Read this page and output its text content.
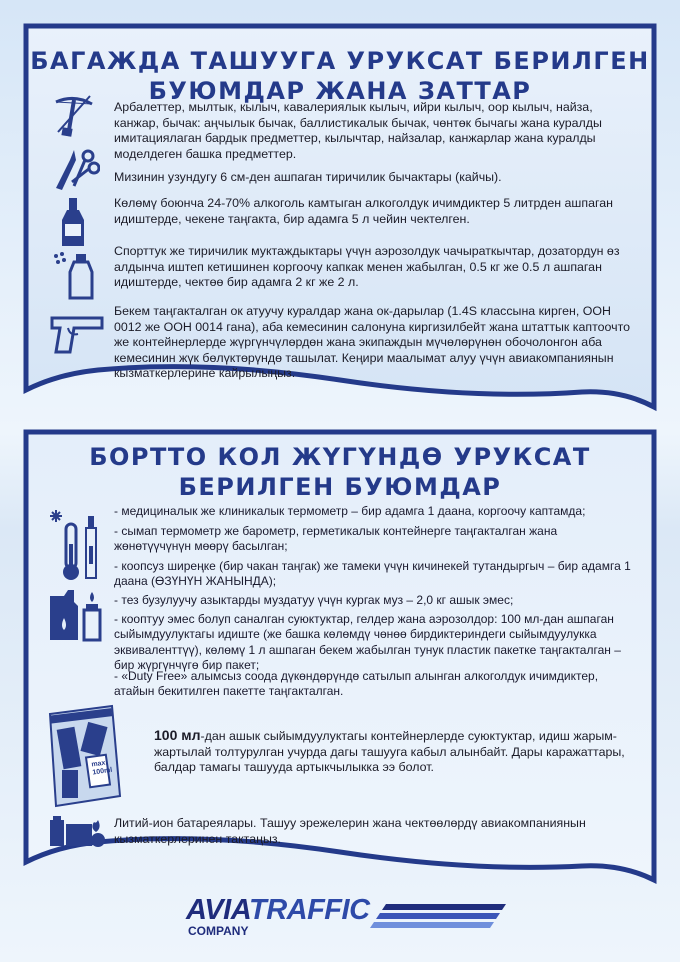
БАГАЖДА ТАШУУГА УРУКСАТ БЕРИЛГЕН
БУЮМДАР ЖАНА ЗАТТАР
Арбалеттер, мылтык, кылыч, кавалериялык кылыч, ийри кылыч, оор кылыч, найза, канжар, бычак: аңчылык бычак, баллистикалык бычак, чөнтөк бычагы жана куралды имитациялаган бардык предметтер, кылычтар, найзалар, канжарлар жана куралды моделдеген башка предметтер.
Мизинин узундугу 6 см-ден ашпаган тиричилик бычактары (кайчы).
Көлөмү боюнча 24-70% алкоголь камтыган алкоголдук ичимдиктер 5 литрден ашпаган идиштерде, чекене таңгакта, бир адамга 5 л чейин чектелген.
Спорттук же тиричилик муктаждыктары үчүн аэрозолдук чачыраткычтар, дозатордун өз алдынча иштеп кетишинен коргоочу капкак менен жабылган, 0.5 кг же 0.5 л ашпаган идиштерде, чектөө бир адамга 2 кг же 2 л.
Бекем таңгакталган ок атуучу куралдар жана ок-дарылар (1.4S классына кирген, ООН 0012 же ООН 0014 гана), аба кемесинин салонуна киргизилбейт жана штаттык каптоочто же контейнерлерде жүргүнчүлөрдөн жана экипаждын мүчөлөрүнөн обочолонгон аба кемесинин жүк бөлүктөрүндө ташылат. Кеңири маалымат алуу үчүн авиакомпаниянын кызматкерлерине кайрылыңыз.
БОРТТО КОЛ ЖҮГҮНДӨ УРУКСАТ
БЕРИЛГЕН БУЮМДАР
max. 100ml
- медициналык же клиникалык термометр – бир адамга 1 даана, коргоочу каптамда;
- сымап термометр же барометр, герметикалык контейнерге таңгакталган жана жөнөтүүчүнүн мөөрү басылган;
- коопсуз ширеңке (бир чакан таңгак) же тамеки үчүн кичинекей тутандыргыч – бир адамга 1 даана (ӨЗҮНҮН ЖАНЫНДА);
- тез бузулуучу азыктарды муздатуу үчүн кургак муз – 2,0 кг ашык эмес;
- кооптуу эмес болуп саналган суюктуктар, гелдер жана аэрозолдор: 100 мл-дан ашпаган сыйымдуулуктагы идиште (же башка көлөмдү чөнөө бирдиктериндеги сыйымдуулукка эквиваленттүү), көлөмү 1 л ашпаган бекем жабылган тунук пластик пакетке таңгакталган – бир жүргүнчүгө бир пакет;
- «Duty Free» алымсыз соода дүкөндөрүндө сатылып алынган алкоголдук ичимдиктер, атайын бекитилген пакетте таңгакталган.
100 мл-дан ашык сыйымдуулуктагы контейнерлерде суюктуктар, идиш жарым-жартылай толтурулган учурда дагы ташууга кабыл алынбайт. Дары каражаттары, балдар тамагы ташууда артыкчылыкка ээ болот.
Литий-ион батареялары. Ташуу эрежелерин жана чектөөлөрдү авиакомпаниянын кызматкерлеринен тактаңыз.
AVIATRAFFIC
COMPANY
